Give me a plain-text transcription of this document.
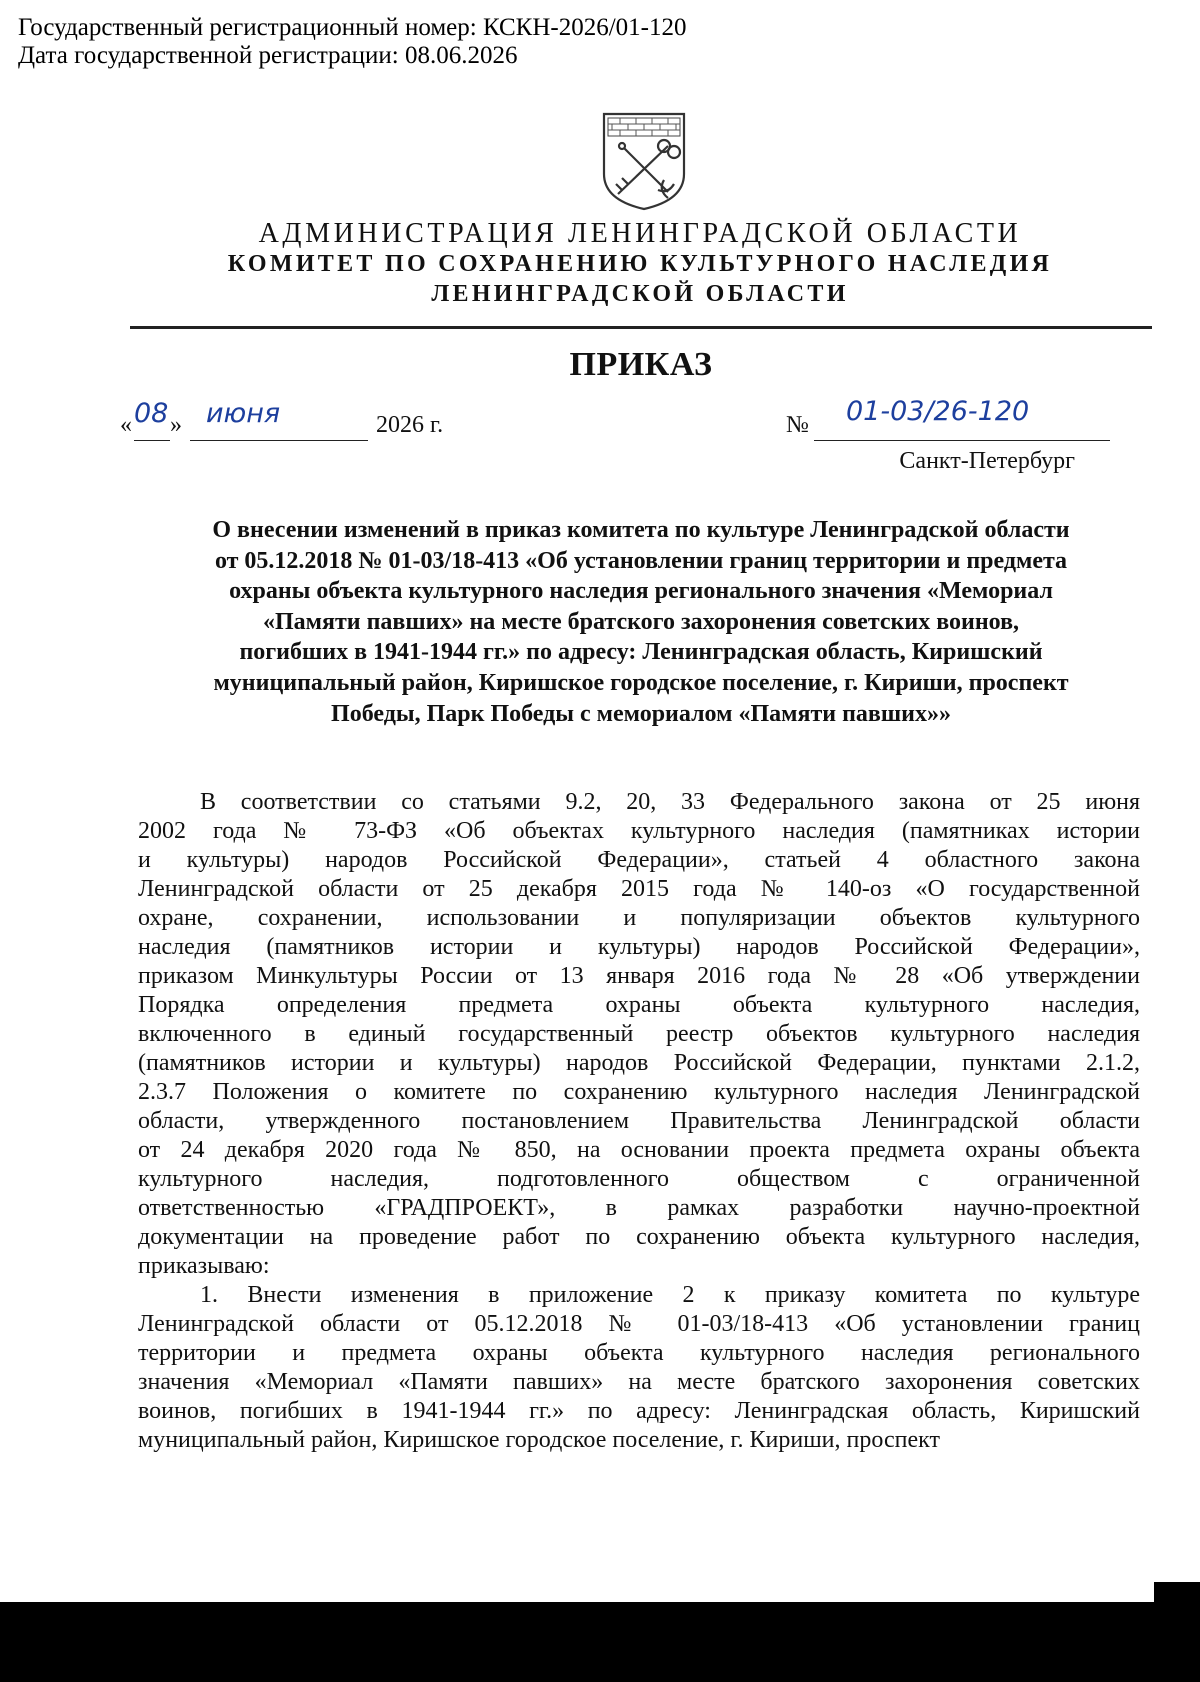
Государственный регистрационный номер: КСКН-2026/01-120
Дата государственной регистрации: 08.06.2026
АДМИНИСТРАЦИЯ ЛЕНИНГРАДСКОЙ ОБЛАСТИ
КОМИТЕТ ПО СОХРАНЕНИЮ КУЛЬТУРНОГО НАСЛЕДИЯ
ЛЕНИНГРАДСКОЙ ОБЛАСТИ
ПРИКАЗ
« 08 » июня	2026 г.	№ 01-03/26-120
Санкт-Петербург
О внесении изменений в приказ комитета по культуре Ленинградской области
от 05.12.2018 № 01-03/18-413 «Об установлении границ территории и предмета
охраны объекта культурного наследия регионального значения «Мемориал
«Памяти павших» на месте братского захоронения советских воинов,
погибших в 1941-1944 гг.» по адресу: Ленинградская область, Киришский
муниципальный район, Киришское городское поселение, г. Кириши, проспект
Победы, Парк Победы с мемориалом «Памяти павших»»
В соответствии со статьями 9.2, 20, 33 Федерального закона от 25 июня
2002 года № 73-ФЗ «Об объектах культурного наследия (памятниках истории
и культуры) народов Российской Федерации», статьей 4 областного закона
Ленинградской области от 25 декабря 2015 года № 140-оз «О государственной
охране, сохранении, использовании и популяризации объектов культурного
наследия (памятников истории и культуры) народов Российской Федерации»,
приказом Минкультуры России от 13 января 2016 года № 28 «Об утверждении
Порядка определения предмета охраны объекта культурного наследия,
включенного в единый государственный реестр объектов культурного наследия
(памятников истории и культуры) народов Российской Федерации, пунктами 2.1.2,
2.3.7 Положения о комитете по сохранению культурного наследия Ленинградской
области, утвержденного постановлением Правительства Ленинградской области
от 24 декабря 2020 года № 850, на основании проекта предмета охраны объекта
культурного наследия, подготовленного обществом с ограниченной
ответственностью «ГРАДПРОЕКТ», в рамках разработки научно-проектной
документации на проведение работ по сохранению объекта культурного наследия,
приказываю:
1. Внести изменения в приложение 2 к приказу комитета по культуре
Ленинградской области от 05.12.2018 № 01-03/18-413 «Об установлении границ
территории и предмета охраны объекта культурного наследия регионального
значения «Мемориал «Памяти павших» на месте братского захоронения советских
воинов, погибших в 1941-1944 гг.» по адресу: Ленинградская область, Киришский
муниципальный район, Киришское городское поселение, г. Кириши, проспект
